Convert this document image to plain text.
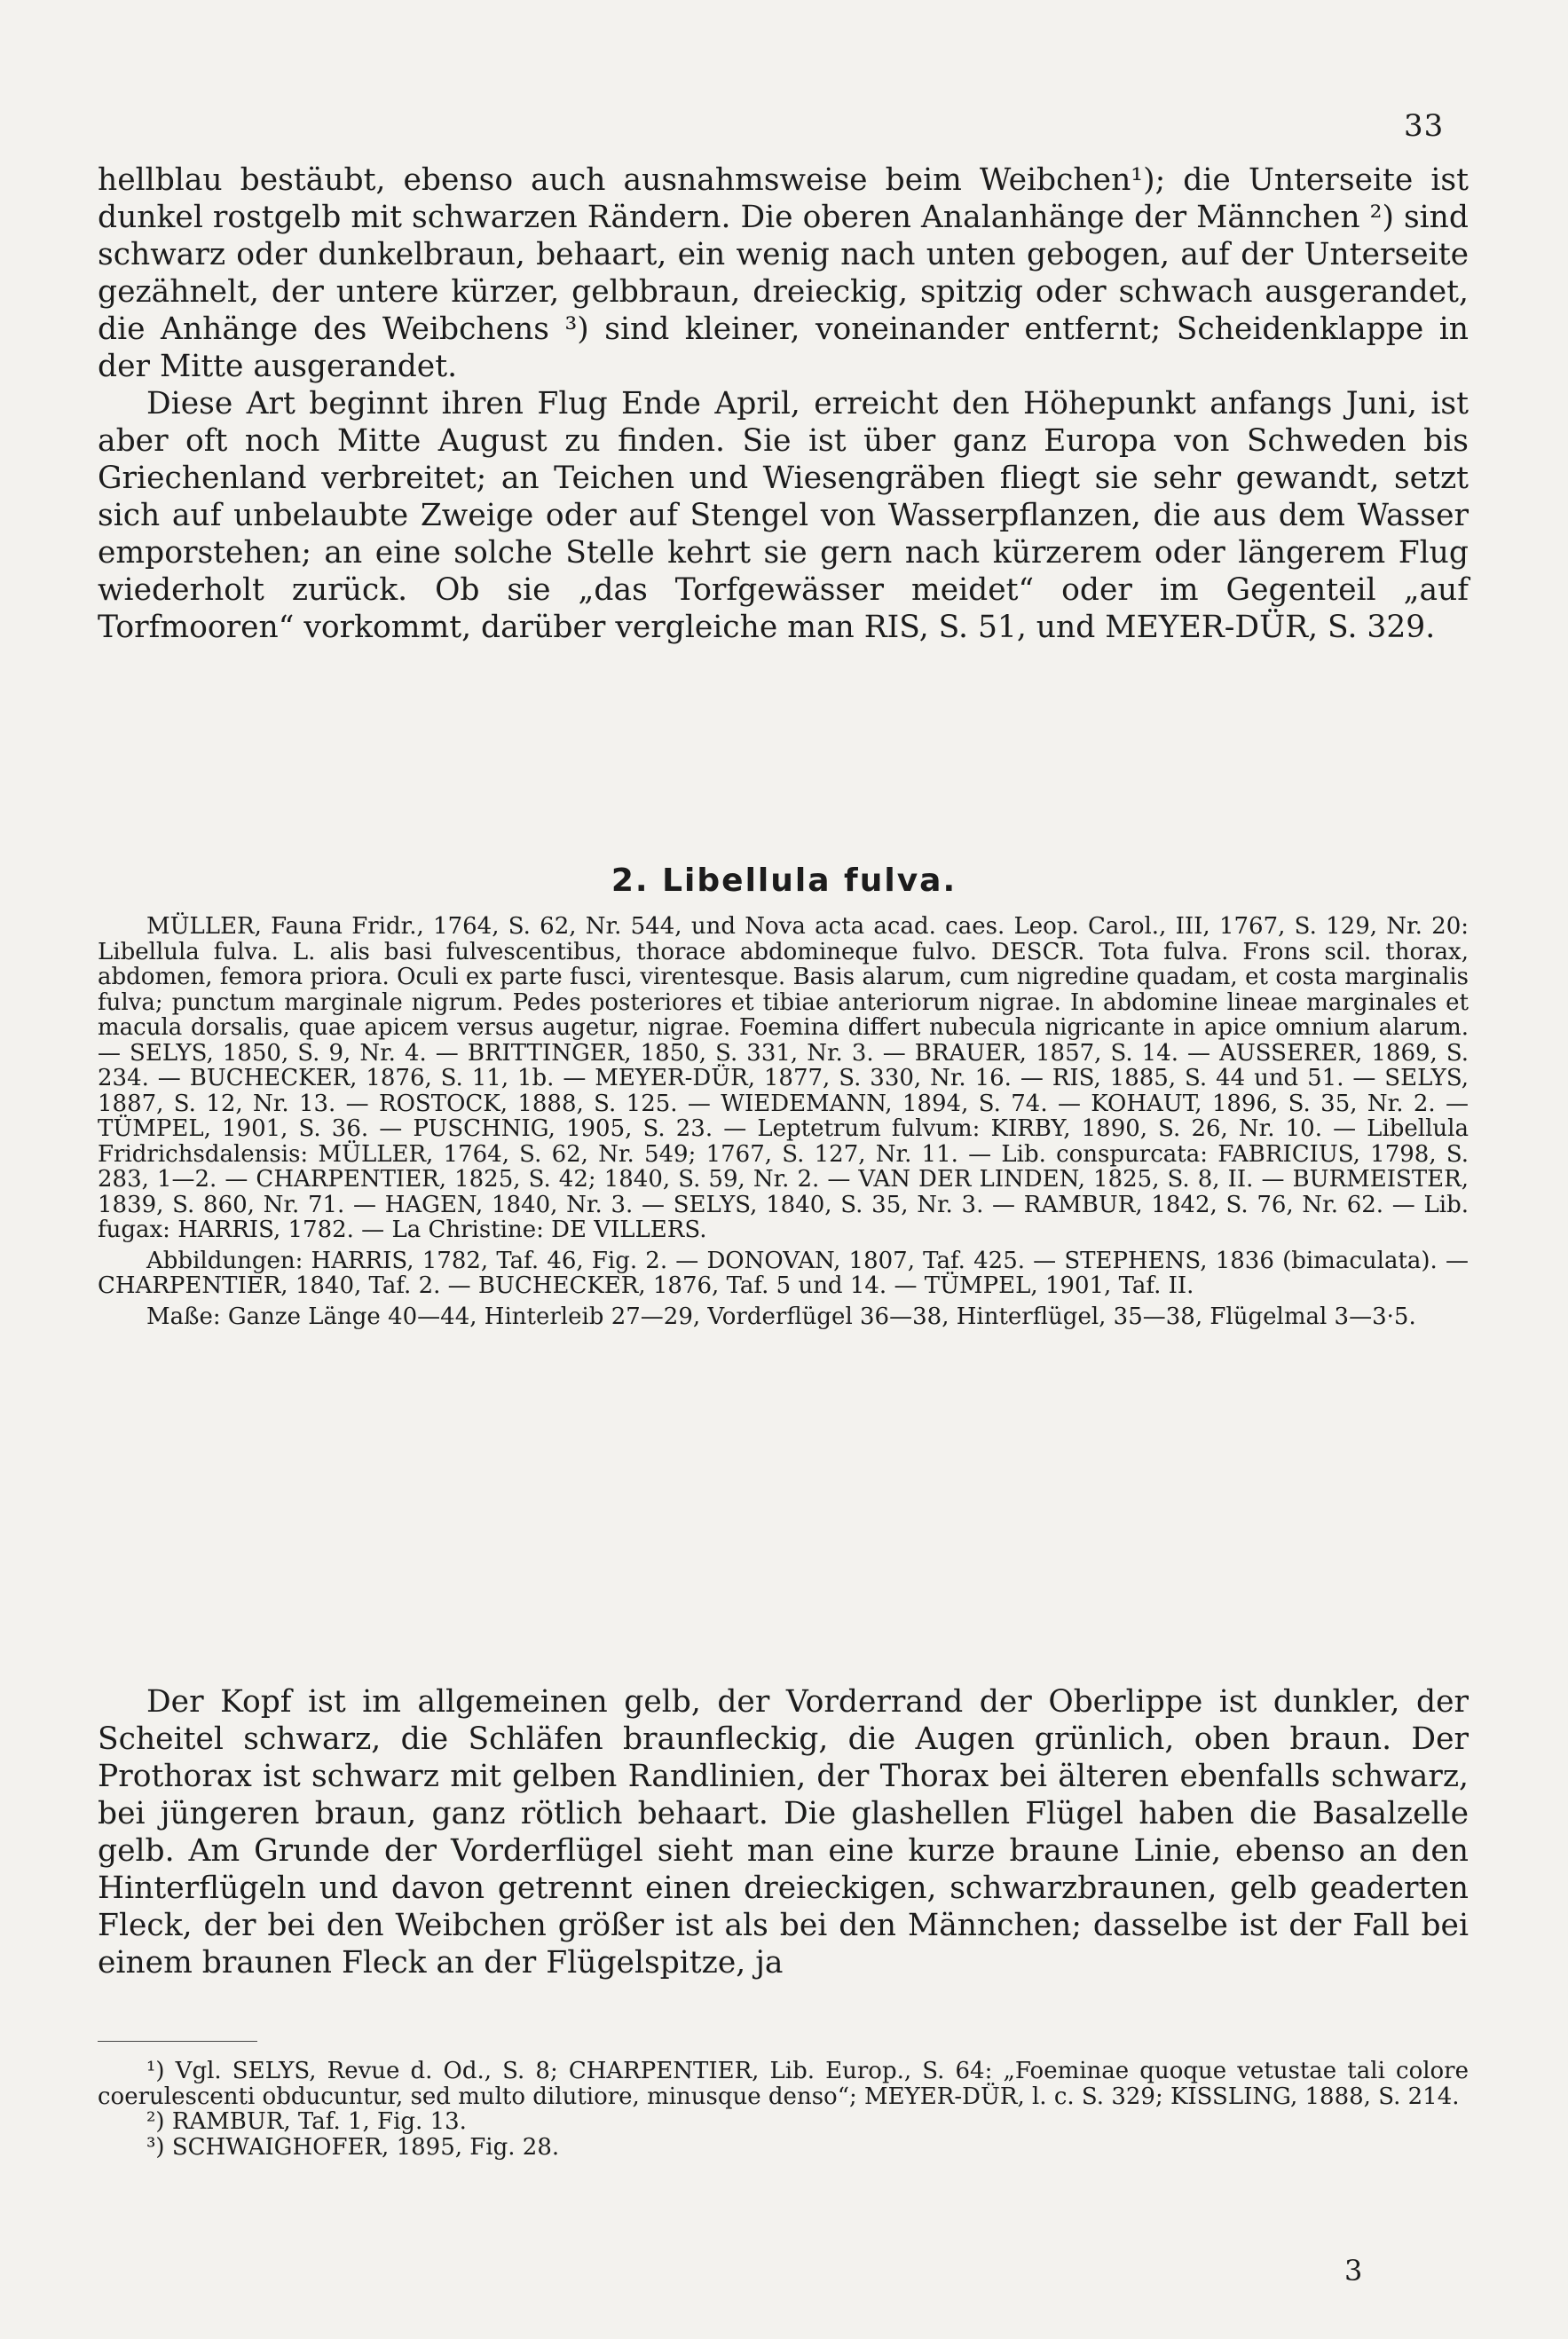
33

hellblau bestäubt, ebenso auch ausnahmsweise beim Weibchen¹); die Unterseite ist dunkel rostgelb mit schwarzen Rändern. Die oberen Analanhänge der Männchen ²) sind schwarz oder dunkelbraun, behaart, ein wenig nach unten gebogen, auf der Unterseite gezähnelt, der untere kürzer, gelbbraun, dreieckig, spitzig oder schwach ausgerandet, die Anhänge des Weibchens ³) sind kleiner, voneinander entfernt; Scheidenklappe in der Mitte ausgerandet.

Diese Art beginnt ihren Flug Ende April, erreicht den Höhepunkt anfangs Juni, ist aber oft noch Mitte August zu finden. Sie ist über ganz Europa von Schweden bis Griechenland verbreitet; an Teichen und Wiesengräben fliegt sie sehr gewandt, setzt sich auf unbelaubte Zweige oder auf Stengel von Wasserpflanzen, die aus dem Wasser emporstehen; an eine solche Stelle kehrt sie gern nach kürzerem oder längerem Flug wiederholt zurück. Ob sie „das Torfgewässer meidet“ oder im Gegenteil „auf Torfmooren“ vorkommt, darüber vergleiche man RIS, S. 51, und MEYER-DÜR, S. 329.

2. Libellula fulva.

MÜLLER, Fauna Fridr., 1764, S. 62, Nr. 544, und Nova acta acad. caes. Leop. Carol., III, 1767, S. 129, Nr. 20: Libellula fulva. L. alis basi fulvescentibus, thorace abdomineque fulvo. DESCR. Tota fulva. Frons scil. thorax, abdomen, femora priora. Oculi ex parte fusci, virentesque. Basis alarum, cum nigredine quadam, et costa marginalis fulva; punctum marginale nigrum. Pedes posteriores et tibiae anteriorum nigrae. In abdomine lineae marginales et macula dorsalis, quae apicem versus augetur, nigrae. Foemina differt nubecula nigricante in apice omnium alarum. — SELYS, 1850, S. 9, Nr. 4. — BRITTINGER, 1850, S. 331, Nr. 3. — BRAUER, 1857, S. 14. — AUSSERER, 1869, S. 234. — BUCHECKER, 1876, S. 11, 1b. — MEYER-DÜR, 1877, S. 330, Nr. 16. — RIS, 1885, S. 44 und 51. — SELYS, 1887, S. 12, Nr. 13. — ROSTOCK, 1888, S. 125. — WIEDEMANN, 1894, S. 74. — KOHAUT, 1896, S. 35, Nr. 2. — TÜMPEL, 1901, S. 36. — PUSCHNIG, 1905, S. 23. — Leptetrum fulvum: KIRBY, 1890, S. 26, Nr. 10. — Libellula Fridrichsdalensis: MÜLLER, 1764, S. 62, Nr. 549; 1767, S. 127, Nr. 11. — Lib. conspurcata: FABRICIUS, 1798, S. 283, 1—2. — CHARPENTIER, 1825, S. 42; 1840, S. 59, Nr. 2. — VAN DER LINDEN, 1825, S. 8, II. — BURMEISTER, 1839, S. 860, Nr. 71. — HAGEN, 1840, Nr. 3. — SELYS, 1840, S. 35, Nr. 3. — RAMBUR, 1842, S. 76, Nr. 62. — Lib. fugax: HARRIS, 1782. — La Christine: DE VILLERS.

Abbildungen: HARRIS, 1782, Taf. 46, Fig. 2. — DONOVAN, 1807, Taf. 425. — STEPHENS, 1836 (bimaculata). — CHARPENTIER, 1840, Taf. 2. — BUCHECKER, 1876, Taf. 5 und 14. — TÜMPEL, 1901, Taf. II.

Maße: Ganze Länge 40—44, Hinterleib 27—29, Vorderflügel 36—38, Hinterflügel, 35—38, Flügelmal 3—3·5.

Der Kopf ist im allgemeinen gelb, der Vorderrand der Oberlippe ist dunkler, der Scheitel schwarz, die Schläfen braunfleckig, die Augen grünlich, oben braun. Der Prothorax ist schwarz mit gelben Randlinien, der Thorax bei älteren ebenfalls schwarz, bei jüngeren braun, ganz rötlich behaart. Die glashellen Flügel haben die Basalzelle gelb. Am Grunde der Vorderflügel sieht man eine kurze braune Linie, ebenso an den Hinterflügeln und davon getrennt einen dreieckigen, schwarzbraunen, gelb geaderten Fleck, der bei den Weibchen größer ist als bei den Männchen; dasselbe ist der Fall bei einem braunen Fleck an der Flügelspitze, ja

¹) Vgl. SELYS, Revue d. Od., S. 8; CHARPENTIER, Lib. Europ., S. 64: „Foeminae quoque vetustae tali colore coerulescenti obducuntur, sed multo dilutiore, minusque denso“; MEYER-DÜR, l. c. S. 329; KISSLING, 1888, S. 214.

²) RAMBUR, Taf. 1, Fig. 13.

³) SCHWAIGHOFER, 1895, Fig. 28.

3
